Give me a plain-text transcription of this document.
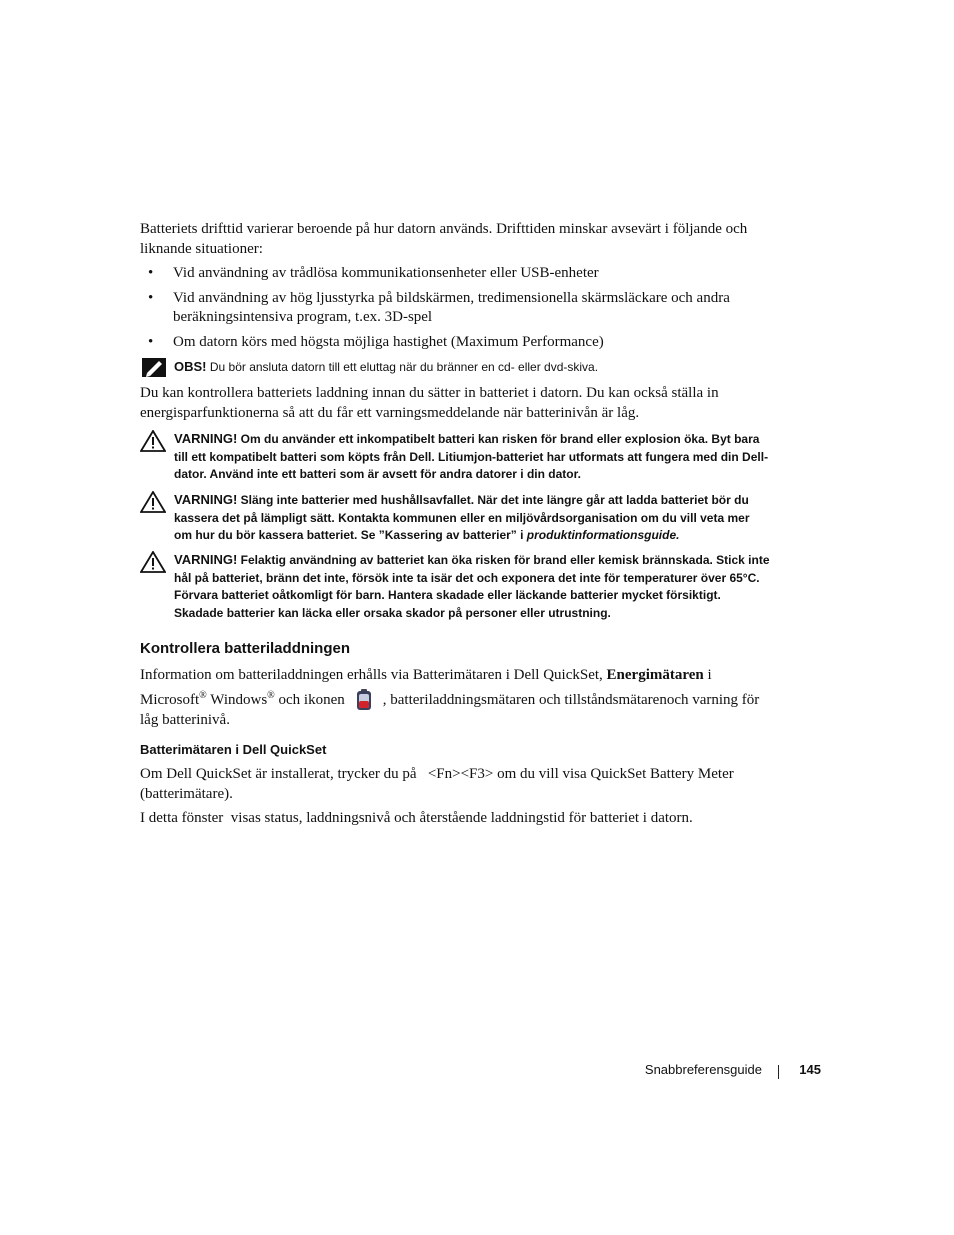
Batteriets drifttid varierar beroende på hur datorn används. Drifttiden minskar avsevärt i följande och liknande situationer:
• Vid användning av trådlösa kommunikationsenheter eller USB-enheter
• Vid användning av hög ljusstyrka på bildskärmen, tredimensionella skärmsläckare och andra beräkningsintensiva program, t.ex. 3D-spel
• Om datorn körs med högsta möjliga hastighet (Maximum Performance)
OBS! Du bör ansluta datorn till ett eluttag när du bränner en cd- eller dvd-skiva.
Du kan kontrollera batteriets laddning innan du sätter in batteriet i datorn. Du kan också ställa in energisparfunktionerna så att du får ett varningsmeddelande när batterinivån är låg.
VARNING! Om du använder ett inkompatibelt batteri kan risken för brand eller explosion öka. Byt bara till ett kompatibelt batteri som köpts från Dell. Litiumjon-batteriet har utformats att fungera med din Dell-dator. Använd inte ett batteri som är avsett för andra datorer i din dator.
VARNING! Släng inte batterier med hushållsavfallet. När det inte längre går att ladda batteriet bör du kassera det på lämpligt sätt. Kontakta kommunen eller en miljövårdsorganisation om du vill veta mer om hur du bör kassera batteriet. Se ”Kassering av batterier” i produktinformationsguide.
VARNING! Felaktig användning av batteriet kan öka risken för brand eller kemisk brännskada. Stick inte hål på batteriet, bränn det inte, försök inte ta isär det och exponera det inte för temperaturer över 65°C. Förvara batteriet oåtkomligt för barn. Hantera skadade eller läckande batterier mycket försiktigt. Skadade batterier kan läcka eller orsaka skador på personer eller utrustning.
Kontrollera batteriladdningen
Information om batteriladdningen erhålls via Batterimätaren i Dell QuickSet, Energimätaren i Microsoft® Windows® och ikonen	, batteriladdningsmätaren och tillståndsmätarenoch varning för låg batterinivå.
Batterimätaren i Dell QuickSet
Om Dell QuickSet är installerat, trycker du på   <Fn><F3> om du vill visa QuickSet Battery Meter (batterimätare).
I detta fönster  visas status, laddningsnivå och återstående laddningstid för batteriet i datorn.
Snabbreferensguide	145
